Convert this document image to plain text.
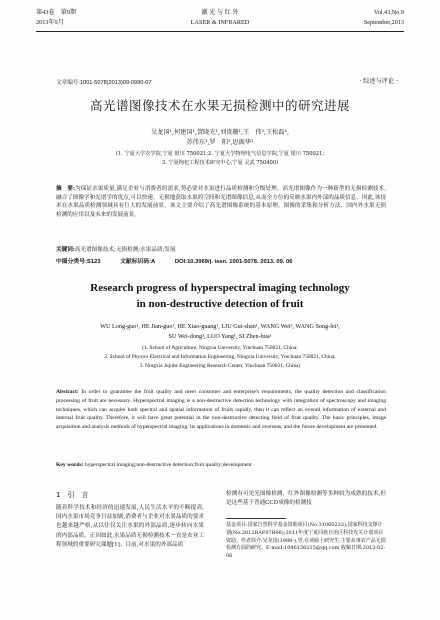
第43卷　第9期
2013年9月
激 光 与 红 外
LASER & INFRARED
Vol.43,No.9
September,2013
文章编号:1001-5078(2013)09-0990-07	· 综述与评论 ·
高光谱图像技术在水果无损检测中的研究进展
吴龙国¹,何建国¹,贺晓光¹,刘贵珊¹,王　伟²,王松磊¹,
苏伟东³,罗　阳¹,思振华¹
(1. 宁夏大学农学院,宁夏 银川 750021;2. 宁夏大学物理电气信息学院,宁夏 银川 750021;
3. 宁夏枸杞工程技术研究中心,宁夏 灵武 750400)
摘　要:为保证水果质量,满足企业与消费者的需求,势必要对水果进行品质检测和分级处理。高光谱图像作为一种新型的无损检测技术,融合了图像学和光谱学的优点,可以快速、无损地获取水果的空间和光谱图像信息,从而全方位的反映水果内外部的品质信息。因此,该技术在水果品质检测领域具有巨大的发展前景。该文主要介绍了高光谱图像系统的基本原理、图像的采集和分析方法、国内外水果无损检测的应用以及未来的发展前景。
关键词:高光谱图像技术;无损检测;水果品质;发展
中图分类号:S123	文献标识码:A	DOI:10.3969/j. issn. 1001-5078. 2013. 09. 06
Research progress of hyperspectral imaging technology
in non-destructive detection of fruit
WU Long-guo¹, HE Jian-guo¹, HE Xiao-guang¹, LIU Gui-shan¹, WANG Wei², WANG Song-lei¹,
SU Wei-dong³, LUO Yang¹, SI Zhen-hua¹
(1. School of Agriculture, Ningxia University, Yinchuan 750021, China;
2. School of Physics Electrical and Information Engineering, Ningxia University, Yinchuan 750021, China;
3. Ningxia Jujube Engineering Research Center, Yinchuan 750021, China)
Abstract: In order to guarantee the fruit quality and meet consumer and enterprise's requirements, the quality detection and classification processing of fruit are necessary. Hyperspectral imaging is a non-destructive detection technology with integration of spectroscopy and imaging techniques, which can acquire both spectral and spatial information of fruits rapidly, then it can reflect an overall information of external and internal fruit quality. Therefore, it will have great potential in the non-destructive detecting field of fruit quality. The basic principles, image acquisition and analysis methods of hyperspectral imaging, its applications in domestic and overseas, and the future development are presented.
Key words: hyperspectral imaging;non-destructive detection;fruit quality;development
1　引　言
随着科学技术和经济的迅速发展,人民生活水平的不断提高,国内水果市场竞争日益加剧,消费者与企业对水果品质的要求也越来越严格,从以往仅关注水果的外部品质,逐步转向水果的内部品质。正因如此,水果品质无损检测技术一直是农业工程领域的重要研究课题[1]。目前,对水果的外部品质
检测有可见光图像检测、红外图像检测等多种较为成熟的技术,但是这些基于普通CCD成像的检测技
基金项目:国家自然科学基金资助项目(No.31060233);国家科技支撑计划(No.2012BAF07B06);2011年度宁夏回族自治区科技攻关计划项目资助。作者简介:吴龙国(1988-),男,在读硕士研究生,主要从事农产品无损检测方面的研究。E-mail:1046156215@qq.com 收稿日期:2013-02-06
